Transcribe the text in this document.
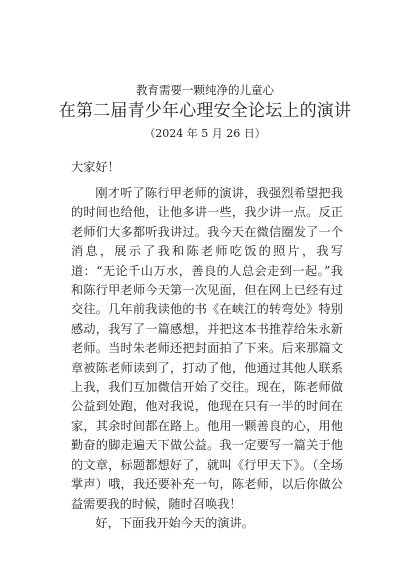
教育需要一颗纯净的儿童心
在第二届青少年心理安全论坛上的演讲
（2024 年 5 月 26 日）

大家好！

刚才听了陈行甲老师的演讲，我强烈希望把我的时间也给他，让他多讲一些，我少讲一点。反正老师们大多都听我讲过。我今天在微信圈发了一个消息，展示了我和陈老师吃饭的照片，我写道：“无论千山万水，善良的人总会走到一起。”我和陈行甲老师今天第一次见面，但在网上已经有过交往。几年前我读他的书《在峡江的转弯处》特别感动，我写了一篇感想，并把这本书推荐给朱永新老师。当时朱老师还把封面拍了下来。后来那篇文章被陈老师读到了，打动了他，他通过其他人联系上我，我们互加微信开始了交往。现在，陈老师做公益到处跑，他对我说，他现在只有一半的时间在家，其余时间都在路上。他用一颗善良的心，用他勤奋的脚走遍天下做公益。我一定要写一篇关于他的文章，标题都想好了，就叫《行甲天下》。（全场掌声）哦，我还要补充一句，陈老师，以后你做公益需要我的时候，随时召唤我！

好，下面我开始今天的演讲。
